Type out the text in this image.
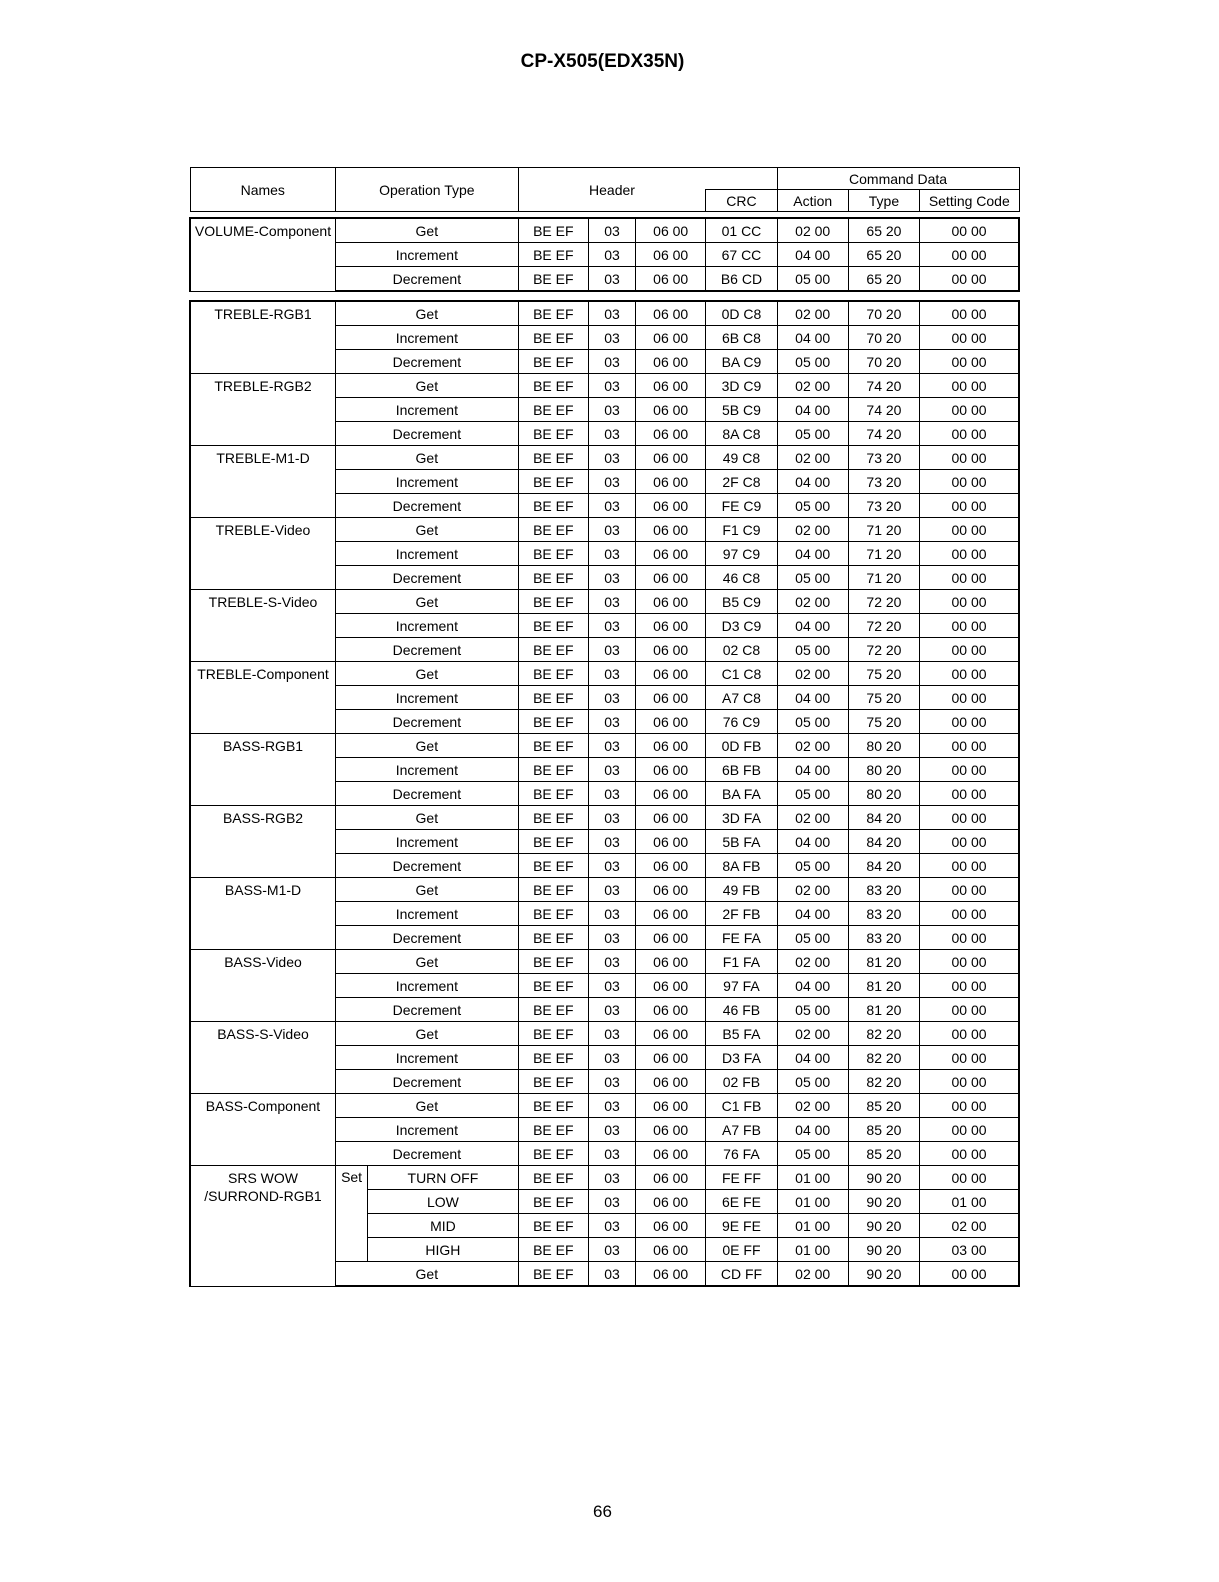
CP-X505(EDX35N)
Names	Operation Type		Header				Command Data		
						CRC	Action	Type	Setting Code

VOLUME-Component	Get		BE EF	03	06 00	01 CC	02 00	65 20	00 00
	Increment		BE EF	03	06 00	67 CC	04 00	65 20	00 00
	Decrement		BE EF	03	06 00	B6 CD	05 00	65 20	00 00

TREBLE-RGB1	Get		BE EF	03	06 00	0D C8	02 00	70 20	00 00
	Increment		BE EF	03	06 00	6B C8	04 00	70 20	00 00
	Decrement		BE EF	03	06 00	BA C9	05 00	70 20	00 00
TREBLE-RGB2	Get		BE EF	03	06 00	3D C9	02 00	74 20	00 00
	Increment		BE EF	03	06 00	5B C9	04 00	74 20	00 00
	Decrement		BE EF	03	06 00	8A C8	05 00	74 20	00 00
TREBLE-M1-D	Get		BE EF	03	06 00	49 C8	02 00	73 20	00 00
	Increment		BE EF	03	06 00	2F C8	04 00	73 20	00 00
	Decrement		BE EF	03	06 00	FE C9	05 00	73 20	00 00
TREBLE-Video	Get		BE EF	03	06 00	F1 C9	02 00	71 20	00 00
	Increment		BE EF	03	06 00	97 C9	04 00	71 20	00 00
	Decrement		BE EF	03	06 00	46 C8	05 00	71 20	00 00
TREBLE-S-Video	Get		BE EF	03	06 00	B5 C9	02 00	72 20	00 00
	Increment		BE EF	03	06 00	D3 C9	04 00	72 20	00 00
	Decrement		BE EF	03	06 00	02 C8	05 00	72 20	00 00
TREBLE-Component	Get		BE EF	03	06 00	C1 C8	02 00	75 20	00 00
	Increment		BE EF	03	06 00	A7 C8	04 00	75 20	00 00
	Decrement		BE EF	03	06 00	76 C9	05 00	75 20	00 00
BASS-RGB1	Get		BE EF	03	06 00	0D FB	02 00	80 20	00 00
	Increment		BE EF	03	06 00	6B FB	04 00	80 20	00 00
	Decrement		BE EF	03	06 00	BA FA	05 00	80 20	00 00
BASS-RGB2	Get		BE EF	03	06 00	3D FA	02 00	84 20	00 00
	Increment		BE EF	03	06 00	5B FA	04 00	84 20	00 00
	Decrement		BE EF	03	06 00	8A FB	05 00	84 20	00 00
BASS-M1-D	Get		BE EF	03	06 00	49 FB	02 00	83 20	00 00
	Increment		BE EF	03	06 00	2F FB	04 00	83 20	00 00
	Decrement		BE EF	03	06 00	FE FA	05 00	83 20	00 00
BASS-Video	Get		BE EF	03	06 00	F1 FA	02 00	81 20	00 00
	Increment		BE EF	03	06 00	97 FA	04 00	81 20	00 00
	Decrement		BE EF	03	06 00	46 FB	05 00	81 20	00 00
BASS-S-Video	Get		BE EF	03	06 00	B5 FA	02 00	82 20	00 00
	Increment		BE EF	03	06 00	D3 FA	04 00	82 20	00 00
	Decrement		BE EF	03	06 00	02 FB	05 00	82 20	00 00
BASS-Component	Get		BE EF	03	06 00	C1 FB	02 00	85 20	00 00
	Increment		BE EF	03	06 00	A7 FB	04 00	85 20	00 00
	Decrement		BE EF	03	06 00	76 FA	05 00	85 20	00 00

SRS WOW
/SURROND-RGB1	Set	TURN OFF	BE EF	03	06 00	FE FF	01 00	90 20	00 00
		LOW	BE EF	03	06 00	6E FE	01 00	90 20	01 00
		MID	BE EF	03	06 00	9E FE	01 00	90 20	02 00
		HIGH	BE EF	03	06 00	0E FF	01 00	90 20	03 00
	Get		BE EF	03	06 00	CD FF	02 00	90 20	00 00
66
